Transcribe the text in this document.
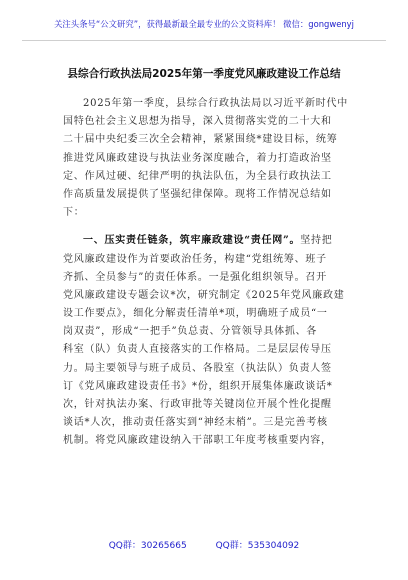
关注头条号“公文研究”，获得最新最全最专业的公文资料库！ 微信：gongwenyj
县综合行政执法局2025年第一季度党风廉政建设工作总结
2025年第一季度，县综合行政执法局以习近平新时代中
国特色社会主义思想为指导，深入贯彻落实党的二十大和
二十届中央纪委三次全会精神，紧紧围绕*建设目标，统筹
推进党风廉政建设与执法业务深度融合，着力打造政治坚
定、作风过硬、纪律严明的执法队伍，为全县行政执法工
作高质量发展提供了坚强纪律保障。现将工作情况总结如
下：
一、压实责任链条，筑牢廉政建设“责任网”。坚持把
党风廉政建设作为首要政治任务，构建“党组统筹、班子
齐抓、全员参与”的责任体系。一是强化组织领导。召开
党风廉政建设专题会议*次，研究制定《2025年党风廉政建
设工作要点》，细化分解责任清单*项，明确班子成员“一
岗双责”，形成“一把手”负总责、分管领导具体抓、各
科室（队）负责人直接落实的工作格局。二是层层传导压
力。局主要领导与班子成员、各股室（执法队）负责人签
订《党风廉政建设责任书》*份，组织开展集体廉政谈话*
次，针对执法办案、行政审批等关键岗位开展个性化提醒
谈话*人次，推动责任落实到“神经末梢”。三是完善考核
机制。将党风廉政建设纳入干部职工年度考核重要内容，
QQ群：30265665	QQ群：535304092
